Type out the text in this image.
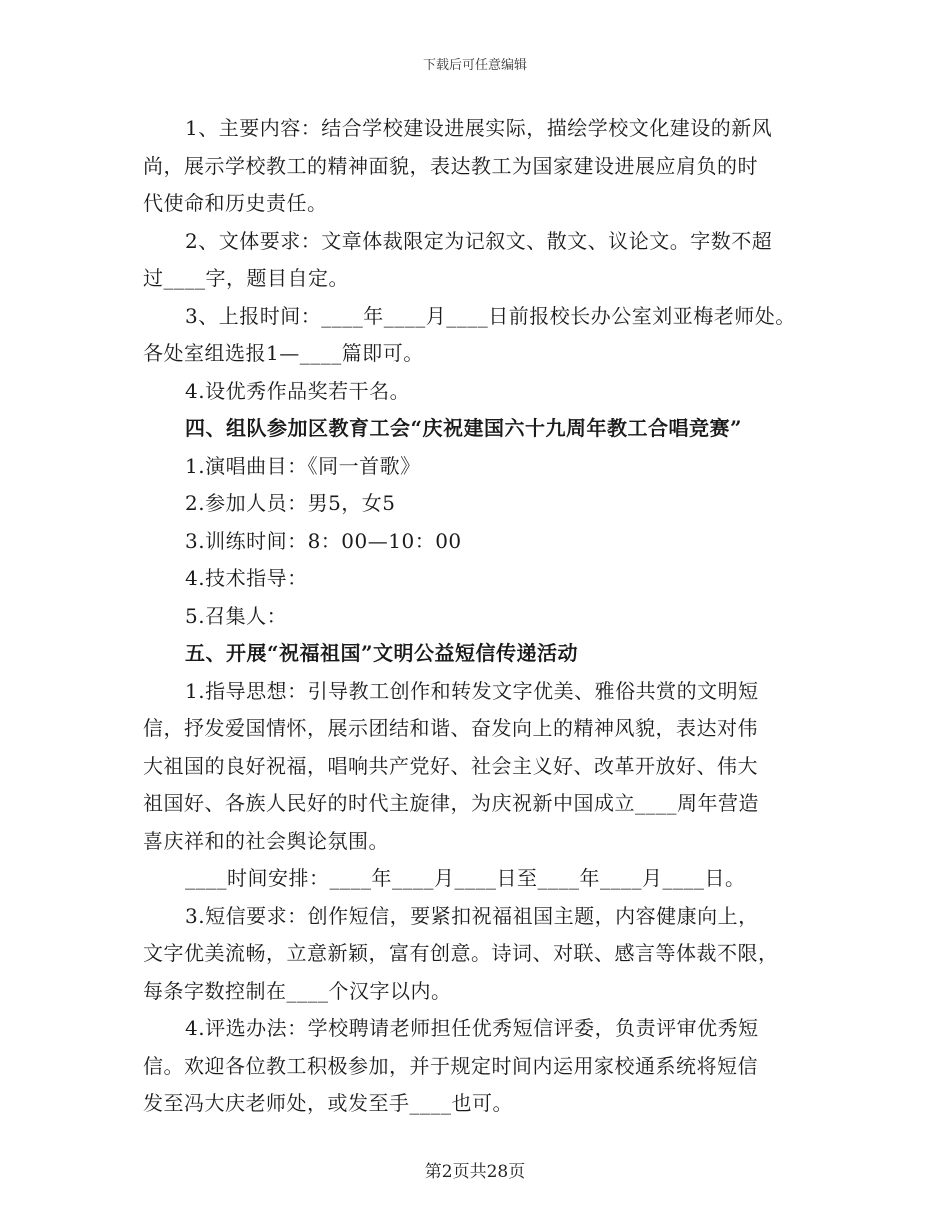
下载后可任意编辑
1、主要内容：结合学校建设进展实际，描绘学校文化建设的新风
尚，展示学校教工的精神面貌，表达教工为国家建设进展应肩负的时
代使命和历史责任。
2、文体要求：文章体裁限定为记叙文、散文、议论文。字数不超
过____字，题目自定。
3、上报时间：____年____月____日前报校长办公室刘亚梅老师处。
各处室组选报1—____篇即可。
4.设优秀作品奖若干名。
四、组队参加区教育工会“庆祝建国六十九周年教工合唱竞赛”
1.演唱曲目：《同一首歌》
2.参加人员：男5，女5
3.训练时间：8：00—10：00
4.技术指导：
5.召集人：
五、开展“祝福祖国”文明公益短信传递活动
1.指导思想：引导教工创作和转发文字优美、雅俗共赏的文明短
信，抒发爱国情怀，展示团结和谐、奋发向上的精神风貌，表达对伟
大祖国的良好祝福，唱响共产党好、社会主义好、改革开放好、伟大
祖国好、各族人民好的时代主旋律，为庆祝新中国成立____周年营造
喜庆祥和的社会舆论氛围。
____时间安排：____年____月____日至____年____月____日。
3.短信要求：创作短信，要紧扣祝福祖国主题，内容健康向上，
文字优美流畅，立意新颖，富有创意。诗词、对联、感言等体裁不限，
每条字数控制在____个汉字以内。
4.评选办法：学校聘请老师担任优秀短信评委，负责评审优秀短
信。欢迎各位教工积极参加，并于规定时间内运用家校通系统将短信
发至冯大庆老师处，或发至手____也可。
第2页共28页
